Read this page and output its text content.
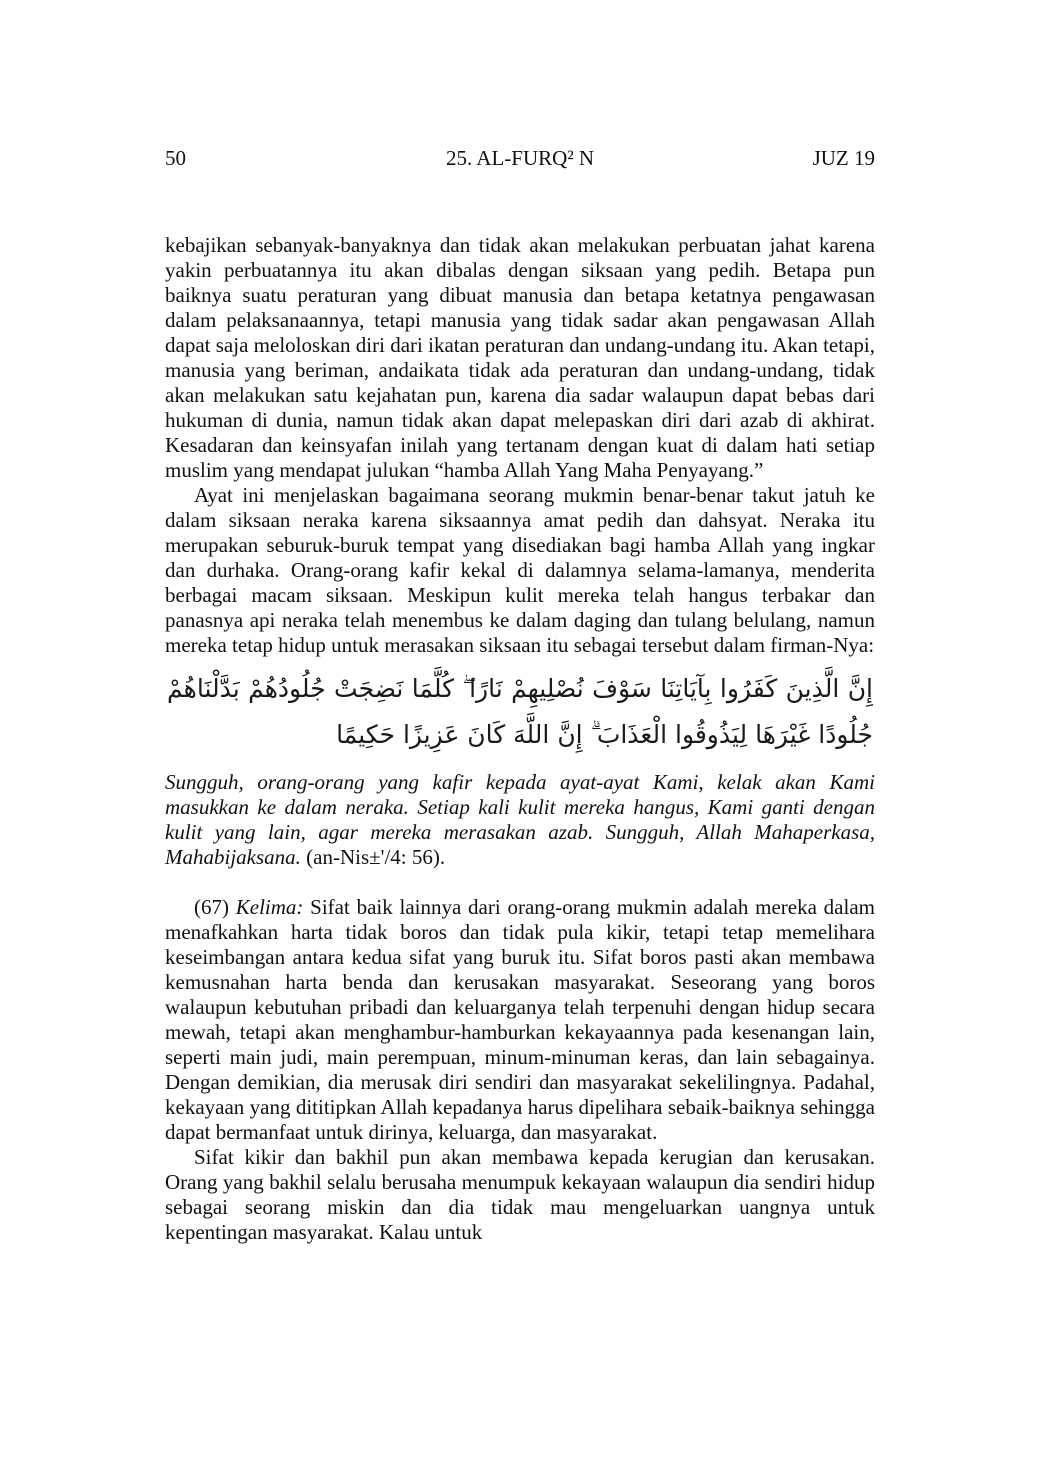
50	25. AL-FURQ² N	JUZ 19

kebajikan sebanyak-banyaknya dan tidak akan melakukan perbuatan jahat karena yakin perbuatannya itu akan dibalas dengan siksaan yang pedih. Betapa pun baiknya suatu peraturan yang dibuat manusia dan betapa ketatnya pengawasan dalam pelaksanaannya, tetapi manusia yang tidak sadar akan pengawasan Allah dapat saja meloloskan diri dari ikatan peraturan dan undang-undang itu. Akan tetapi, manusia yang beriman, andaikata tidak ada peraturan dan undang-undang, tidak akan melakukan satu kejahatan pun, karena dia sadar walaupun dapat bebas dari hukuman di dunia, namun tidak akan dapat melepaskan diri dari azab di akhirat. Kesadaran dan keinsyafan inilah yang tertanam dengan kuat di dalam hati setiap muslim yang mendapat julukan “hamba Allah Yang Maha Penyayang.”

Ayat ini menjelaskan bagaimana seorang mukmin benar-benar takut jatuh ke dalam siksaan neraka karena siksaannya amat pedih dan dahsyat. Neraka itu merupakan seburuk-buruk tempat yang disediakan bagi hamba Allah yang ingkar dan durhaka. Orang-orang kafir kekal di dalamnya selama-lamanya, menderita berbagai macam siksaan. Meskipun kulit mereka telah hangus terbakar dan panasnya api neraka telah menembus ke dalam daging dan tulang belulang, namun mereka tetap hidup untuk merasakan siksaan itu sebagai tersebut dalam firman-Nya:

إِنَّ الَّذِينَ كَفَرُوا بِآيَاتِنَا سَوْفَ نُصْلِيهِمْ نَارًا ۖ كُلَّمَا نَضِجَتْ جُلُودُهُمْ بَدَّلْنَاهُمْ جُلُودًا غَيْرَهَا لِيَذُوقُوا الْعَذَابَ ۗ إِنَّ اللَّهَ كَانَ عَزِيزًا حَكِيمًا

Sungguh, orang-orang yang kafir kepada ayat-ayat Kami, kelak akan Kami masukkan ke dalam neraka. Setiap kali kulit mereka hangus, Kami ganti dengan kulit yang lain, agar mereka merasakan azab. Sungguh, Allah Mahaperkasa, Mahabijaksana. (an-Nis±'/4: 56).

(67) Kelima: Sifat baik lainnya dari orang-orang mukmin adalah mereka dalam menafkahkan harta tidak boros dan tidak pula kikir, tetapi tetap memelihara keseimbangan antara kedua sifat yang buruk itu. Sifat boros pasti akan membawa kemusnahan harta benda dan kerusakan masyarakat. Seseorang yang boros walaupun kebutuhan pribadi dan keluarganya telah terpenuhi dengan hidup secara mewah, tetapi akan menghambur-hamburkan kekayaannya pada kesenangan lain, seperti main judi, main perempuan, minum-minuman keras, dan lain sebagainya. Dengan demikian, dia merusak diri sendiri dan masyarakat sekelilingnya. Padahal, kekayaan yang dititipkan Allah kepadanya harus dipelihara sebaik-baiknya sehingga dapat bermanfaat untuk dirinya, keluarga, dan masyarakat.

Sifat kikir dan bakhil pun akan membawa kepada kerugian dan kerusakan. Orang yang bakhil selalu berusaha menumpuk kekayaan walaupun dia sendiri hidup sebagai seorang miskin dan dia tidak mau mengeluarkan uangnya untuk kepentingan masyarakat. Kalau untuk
